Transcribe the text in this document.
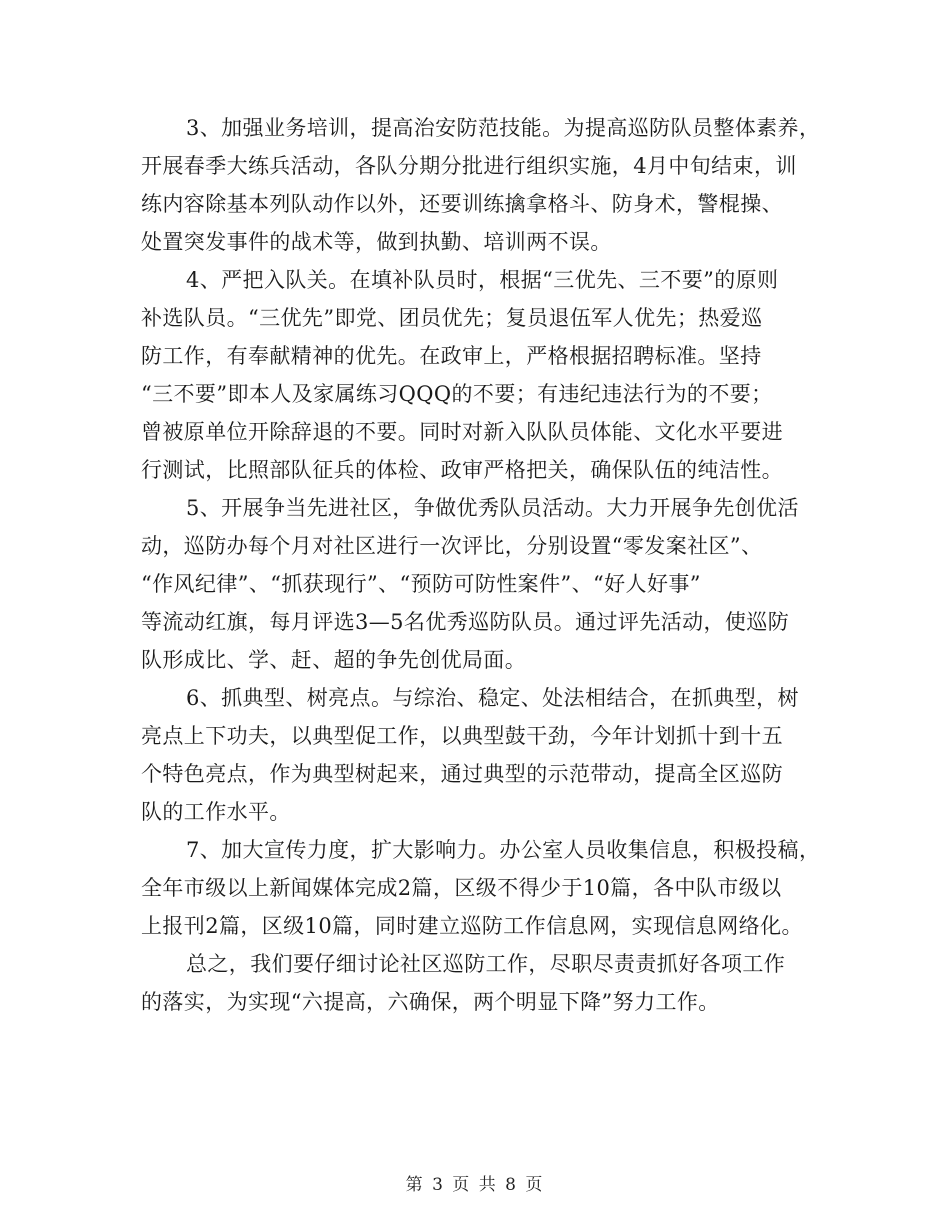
3、加强业务培训，提高治安防范技能。为提高巡防队员整体素养，
开展春季大练兵活动，各队分期分批进行组织实施，4月中旬结束，训
练内容除基本列队动作以外，还要训练擒拿格斗、防身术，警棍操、
处置突发事件的战术等，做到执勤、培训两不误。
4、严把入队关。在填补队员时，根据“三优先、三不要”的原则
补选队员。“三优先”即党、团员优先；复员退伍军人优先；热爱巡
防工作，有奉献精神的优先。在政审上，严格根据招聘标准。坚持
“三不要”即本人及家属练习QQQ的不要；有违纪违法行为的不要；
曾被原单位开除辞退的不要。同时对新入队队员体能、文化水平要进
行测试，比照部队征兵的体检、政审严格把关，确保队伍的纯洁性。
5、开展争当先进社区，争做优秀队员活动。大力开展争先创优活
动，巡防办每个月对社区进行一次评比，分别设置“零发案社区”、
“作风纪律”、“抓获现行”、“预防可防性案件”、“好人好事”
等流动红旗，每月评选3—5名优秀巡防队员。通过评先活动，使巡防
队形成比、学、赶、超的争先创优局面。
6、抓典型、树亮点。与综治、稳定、处法相结合，在抓典型，树
亮点上下功夫，以典型促工作，以典型鼓干劲，今年计划抓十到十五
个特色亮点，作为典型树起来，通过典型的示范带动，提高全区巡防
队的工作水平。
7、加大宣传力度，扩大影响力。办公室人员收集信息，积极投稿，
全年市级以上新闻媒体完成2篇，区级不得少于10篇，各中队市级以
上报刊2篇，区级10篇，同时建立巡防工作信息网，实现信息网络化。
总之，我们要仔细讨论社区巡防工作，尽职尽责责抓好各项工作
的落实，为实现“六提高，六确保，两个明显下降”努力工作。
第 3 页 共 8 页
